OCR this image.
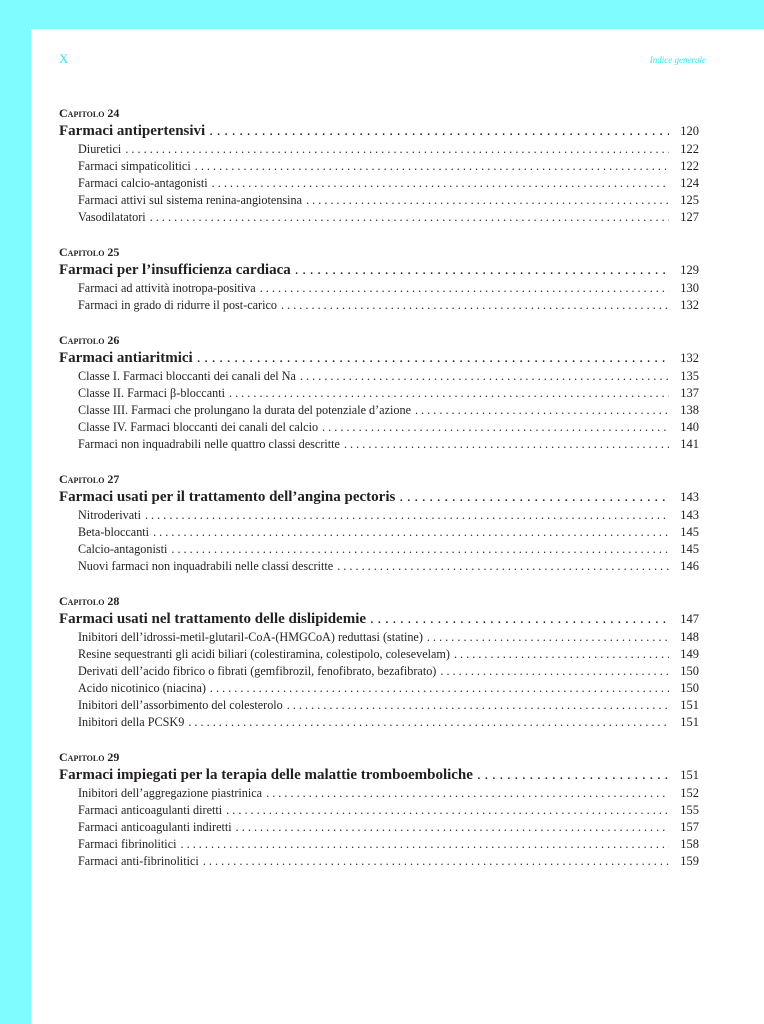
X	Indice generale
Capitolo 24
Farmaci antipertensivi . . .	120
Diuretici . . .	122
Farmaci simpaticolitici . . .	122
Farmaci calcio-antagonisti . . .	124
Farmaci attivi sul sistema renina-angiotensina . . .	125
Vasodilatatori . . .	127
Capitolo 25
Farmaci per l’insufficienza cardiaca . . .	129
Farmaci ad attività inotropa-positiva . . .	130
Farmaci in grado di ridurre il post-carico . . .	132
Capitolo 26
Farmaci antiaritmici . . .	132
Classe I. Farmaci bloccanti dei canali del Na . . .	135
Classe II. Farmaci β-bloccanti . . .	137
Classe III. Farmaci che prolungano la durata del potenziale d’azione . . .	138
Classe IV. Farmaci bloccanti dei canali del calcio . . .	140
Farmaci non inquadrabili nelle quattro classi descritte . . .	141
Capitolo 27
Farmaci usati per il trattamento dell’angina pectoris . . .	143
Nitroderivati . . .	143
Beta-bloccanti . . .	145
Calcio-antagonisti . . .	145
Nuovi farmaci non inquadrabili nelle classi descritte . . .	146
Capitolo 28
Farmaci usati nel trattamento delle dislipidemie . . .	147
Inibitori dell’idrossi-metil-glutaril-CoA-(HMGCoA) reduttasi (statine) . . .	148
Resine sequestranti gli acidi biliari (colestiramina, colestipolo, colesevelam) . . .	149
Derivati dell’acido fibrico o fibrati (gemfibrozil, fenofibrato, bezafibrato) . . .	150
Acido nicotinico (niacina) . . .	150
Inibitori dell’assorbimento del colesterolo . . .	151
Inibitori della PCSK9 . . .	151
Capitolo 29
Farmaci impiegati per la terapia delle malattie tromboemboliche . . .	151
Inibitori dell’aggregazione piastrinica . . .	152
Farmaci anticoagulanti diretti . . .	155
Farmaci anticoagulanti indiretti . . .	157
Farmaci fibrinolitici . . .	158
Farmaci anti-fibrinolitici . . .	159
